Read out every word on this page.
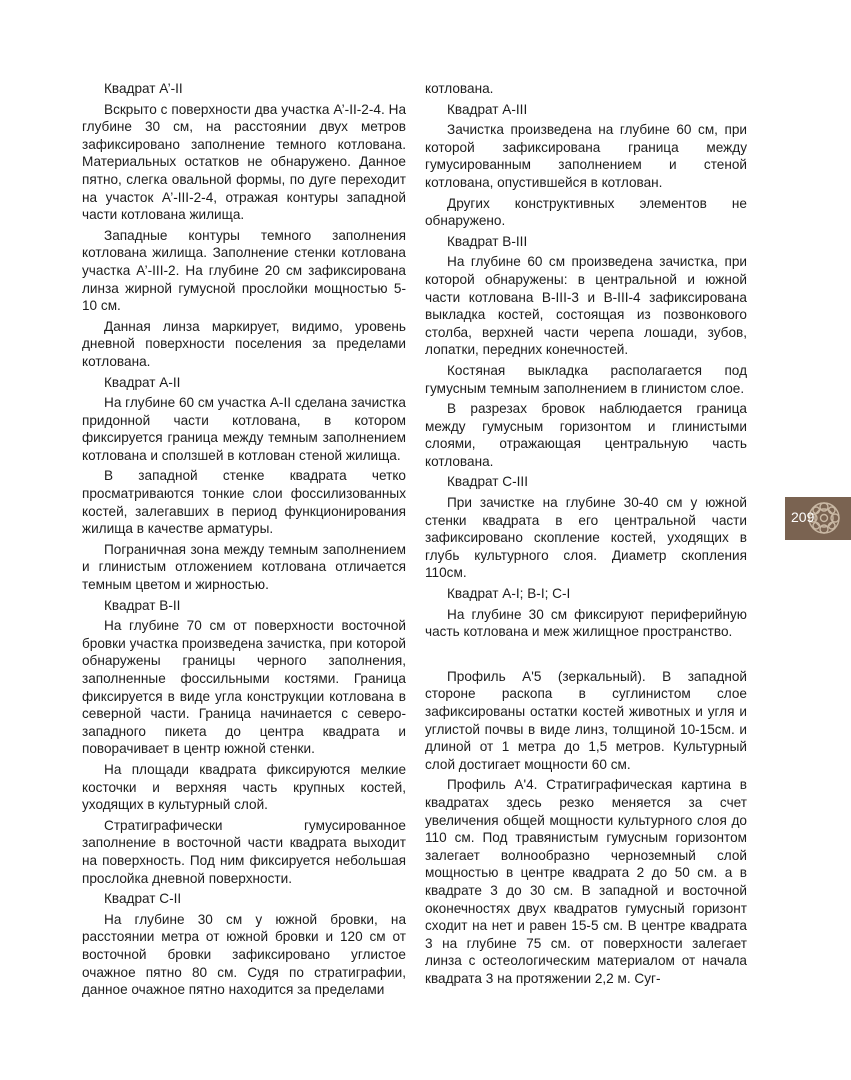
Квадрат А’-II

Вскрыто с поверхности два участка А’-II-2-4. На глубине 30 см, на расстоянии двух метров зафиксировано заполнение темного котлована. Материальных остатков не обнаружено. Данное пятно, слегка овальной формы, по дуге переходит на участок А’-III-2-4, отражая контуры западной части котлована жилища.

Западные контуры темного заполнения котлована жилища. Заполнение стенки котлована участка А’-III-2. На глубине 20 см зафиксирована линза жирной гумусной прослойки мощностью 5-10 см.

Данная линза маркирует, видимо, уровень дневной поверхности поселения за пределами котлована.

Квадрат А-II

На глубине 60 см участка А-II сделана зачистка придонной части котлована, в котором фиксируется граница между темным заполнением котлована и сползшей в котлован стеной жилища.

В западной стенке квадрата четко просматриваются тонкие слои фоссилизованных костей, залегавших в период функционирования жилища в качестве арматуры.

Пограничная зона между темным заполнением и глинистым отложением котлована отличается темным цветом и жирностью.

Квадрат В-II

На глубине 70 см от поверхности восточной бровки участка произведена зачистка, при которой обнаружены границы черного заполнения, заполненные фоссильными костями. Граница фиксируется в виде угла конструкции котлована в северной части. Граница начинается с северо-западного пикета до центра квадрата и поворачивает в центр южной стенки.

На площади квадрата фиксируются мелкие косточки и верхняя часть крупных костей, уходящих в культурный слой.

Стратиграфически гумусированное заполнение в восточной части квадрата выходит на поверхность. Под ним фиксируется небольшая прослойка дневной поверхности.

Квадрат С-II

На глубине 30 см у южной бровки, на расстоянии метра от южной бровки и 120 см от восточной бровки зафиксировано углистое очажное пятно 80 см. Судя по стратиграфии, данное очажное пятно находится за пределами

котлована.

Квадрат А-III

Зачистка произведена на глубине 60 см, при которой зафиксирована граница между гумусированным заполнением и стеной котлована, опустившейся в котлован.

Других конструктивных элементов не обнаружено.

Квадрат В-III

На глубине 60 см произведена зачистка, при которой обнаружены: в центральной и южной части котлована В-III-3 и В-III-4 зафиксирована выкладка костей, состоящая из позвонкового столба, верхней части черепа лошади, зубов, лопатки, передних конечностей.

Костяная выкладка располагается под гумусным темным заполнением в глинистом слое.

В разрезах бровок наблюдается граница между гумусным горизонтом и глинистыми слоями, отражающая центральную часть котлована.

Квадрат С-III

При зачистке на глубине 30-40 см у южной стенки квадрата в его центральной части зафиксировано скопление костей, уходящих в глубь культурного слоя. Диаметр скопления 110см.

Квадрат А-I; В-I; С-I

На глубине 30 см фиксируют периферийную часть котлована и меж жилищное пространство.

Профиль А'5 (зеркальный). В западной стороне раскопа в суглинистом слое зафиксированы остатки костей животных и угля и углистой почвы в виде линз, толщиной 10-15см. и длиной от 1 метра до 1,5 метров. Культурный слой достигает мощности 60 см.

Профиль А'4. Стратиграфическая картина в квадратах здесь резко меняется за счет увеличения общей мощности культурного слоя до 110 см. Под травянистым гумусным горизонтом залегает волнообразно черноземный слой мощностью в центре квадрата 2 до 50 см. а в квадрате 3 до 30 см. В западной и восточной оконечностях двух квадратов гумусный горизонт сходит на нет и равен 15-5 см. В центре квадрата 3 на глубине 75 см. от поверхности залегает линза с остеологическим материалом от начала квадрата 3 на протяжении 2,2 м. Суг-

209
